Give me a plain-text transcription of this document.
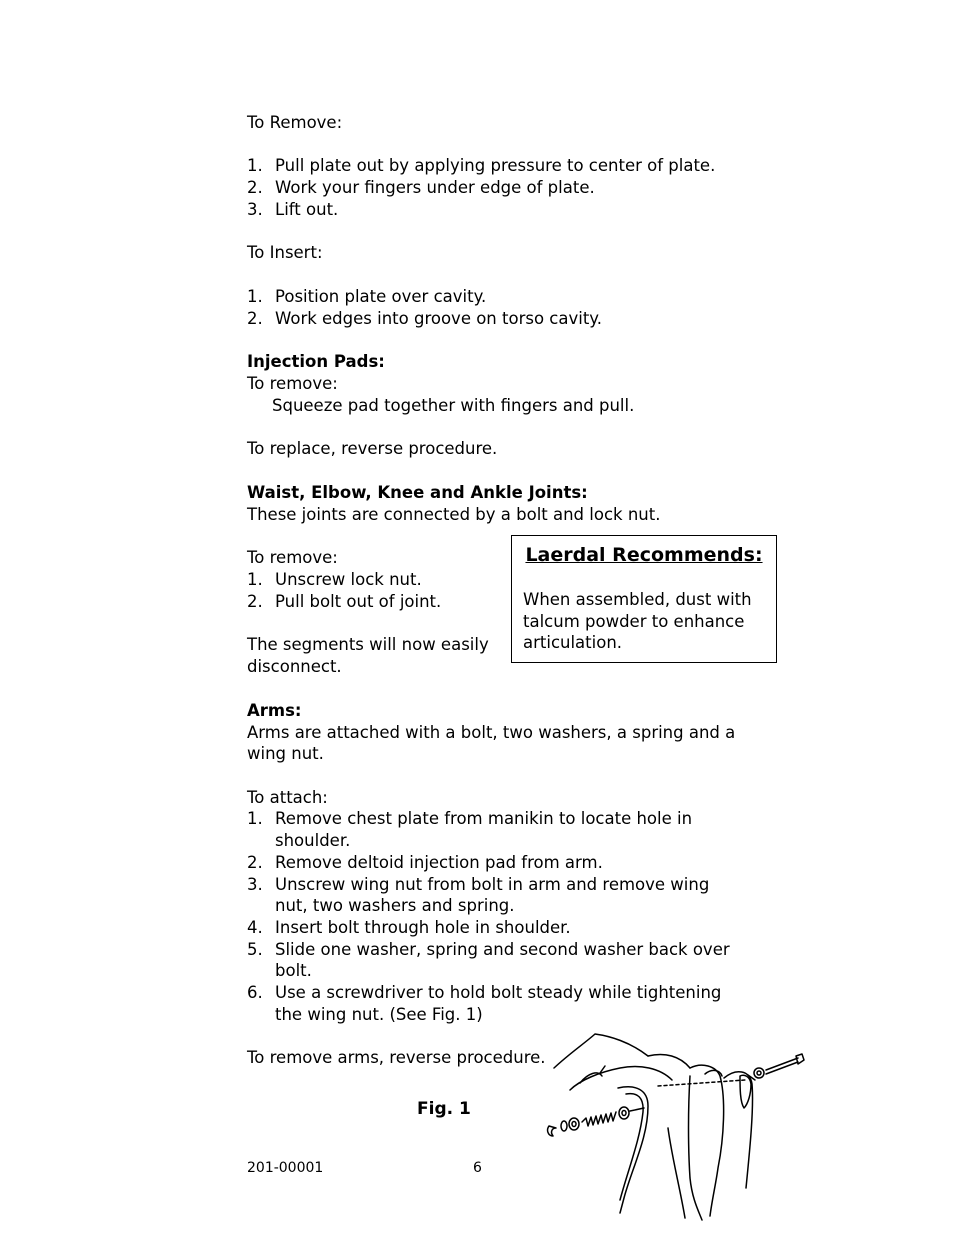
To Remove:
1. Pull plate out by applying pressure to center of plate.
2. Work your fingers under edge of plate.
3. Lift out.
To Insert:
1. Position plate over cavity.
2. Work edges into groove on torso cavity.
Injection Pads:
To remove:
Squeeze pad together with fingers and pull.
To replace, reverse procedure.
Waist, Elbow, Knee and Ankle Joints:
These joints are connected by a bolt and lock nut.
To remove:
1. Unscrew lock nut.
2. Pull bolt out of joint.
The segments will now easily
disconnect.
Laerdal Recommends:
When assembled, dust with talcum powder to enhance articulation.
Arms:
Arms are attached with a bolt, two washers, a spring and a
wing nut.
To attach:
1. Remove chest plate from manikin to locate hole in
shoulder.
2. Remove deltoid injection pad from arm.
3. Unscrew wing nut from bolt in arm and remove wing
nut, two washers and spring.
4. Insert bolt through hole in shoulder.
5. Slide one washer, spring and second washer back over
bolt.
6. Use a screwdriver to hold bolt steady while tightening
the wing nut. (See Fig. 1)
To remove arms, reverse procedure.
Fig. 1
201-00001	6
